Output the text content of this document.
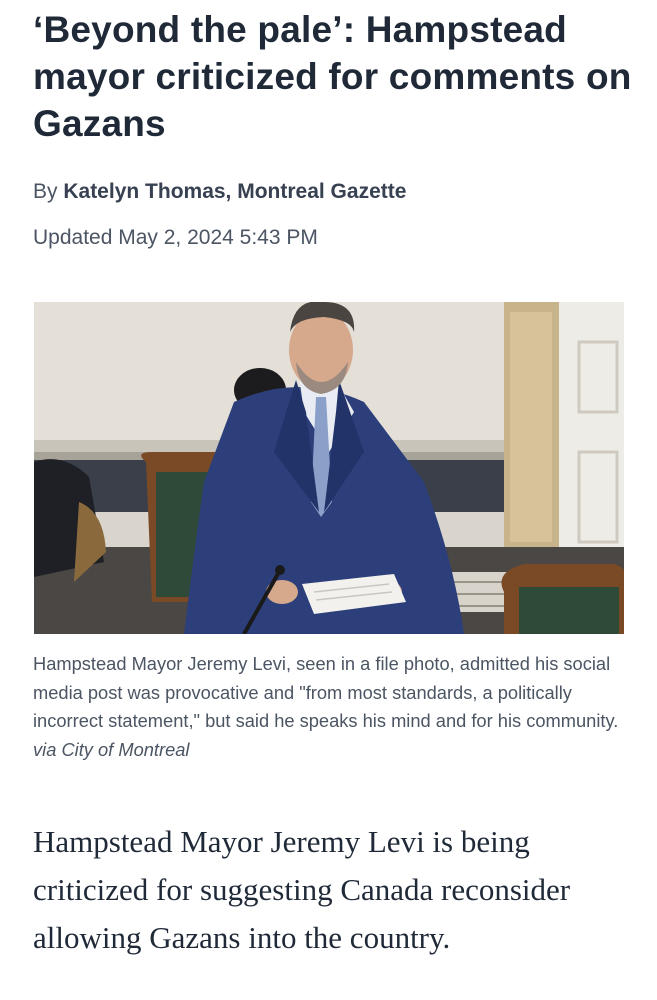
‘Beyond the pale’: Hampstead mayor criticized for comments on Gazans
By Katelyn Thomas, Montreal Gazette
Updated May 2, 2024 5:43 PM

Hampstead Mayor Jeremy Levi, seen in a file photo, admitted his social media post was provocative and "from most standards, a politically incorrect statement," but said he speaks his mind and for his community. via City of Montreal

Hampstead Mayor Jeremy Levi is being criticized for suggesting Canada reconsider allowing Gazans into the country.
